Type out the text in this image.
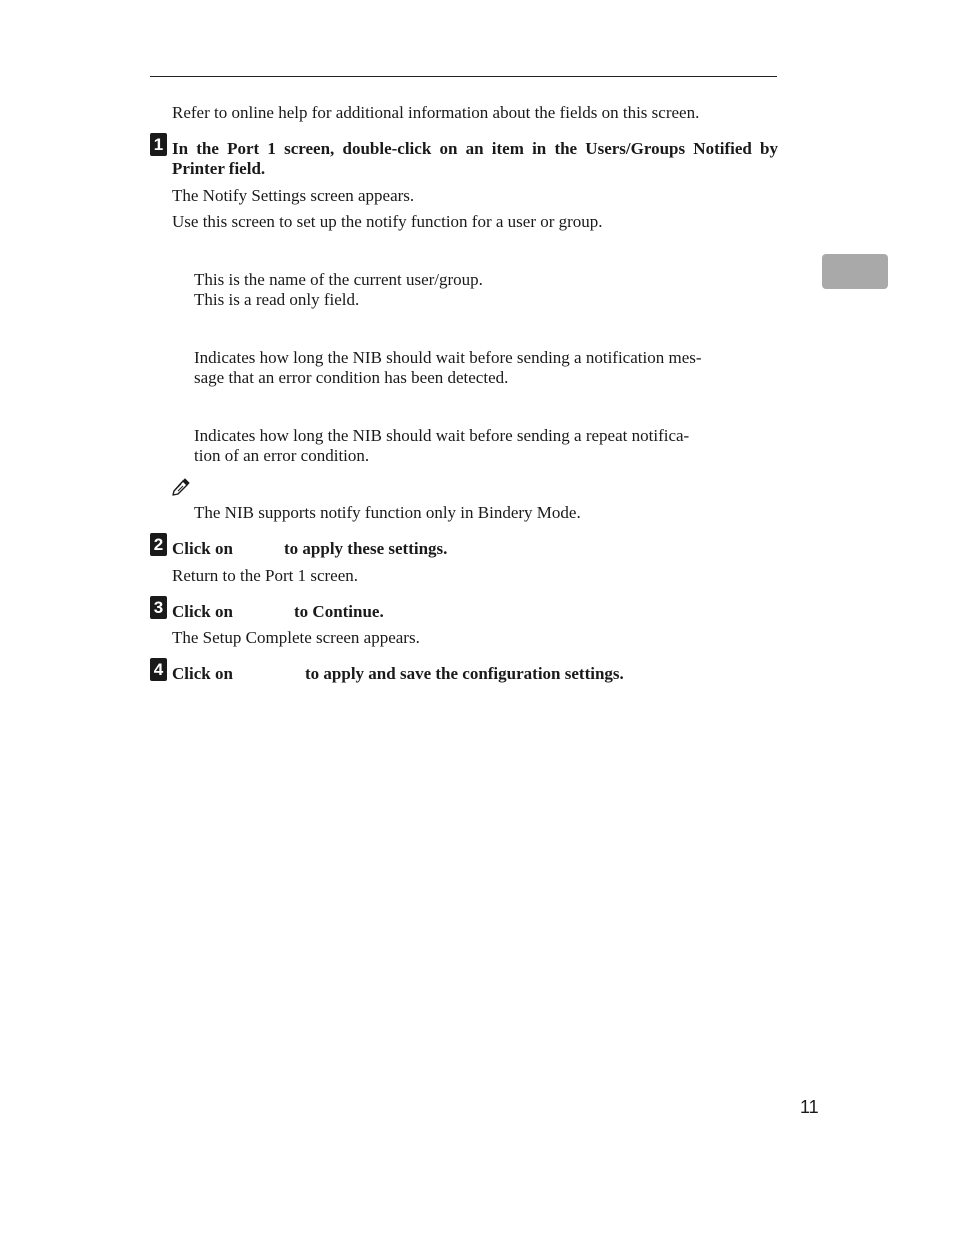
Refer to online help for additional information about the fields on this screen.
1 In the Port 1 screen, double-click on an item in the Users/Groups Notified by Printer field.
The Notify Settings screen appears.
Use this screen to set up the notify function for a user or group.
This is the name of the current user/group.
This is a read only field.
Indicates how long the NIB should wait before sending a notification mes-
sage that an error condition has been detected.
Indicates how long the NIB should wait before sending a repeat notifica-
tion of an error condition.
The NIB supports notify function only in Bindery Mode.
2 Click on	to apply these settings.
Return to the Port 1 screen.
3 Click on	to Continue.
The Setup Complete screen appears.
4 Click on	to apply and save the configuration settings.
11
